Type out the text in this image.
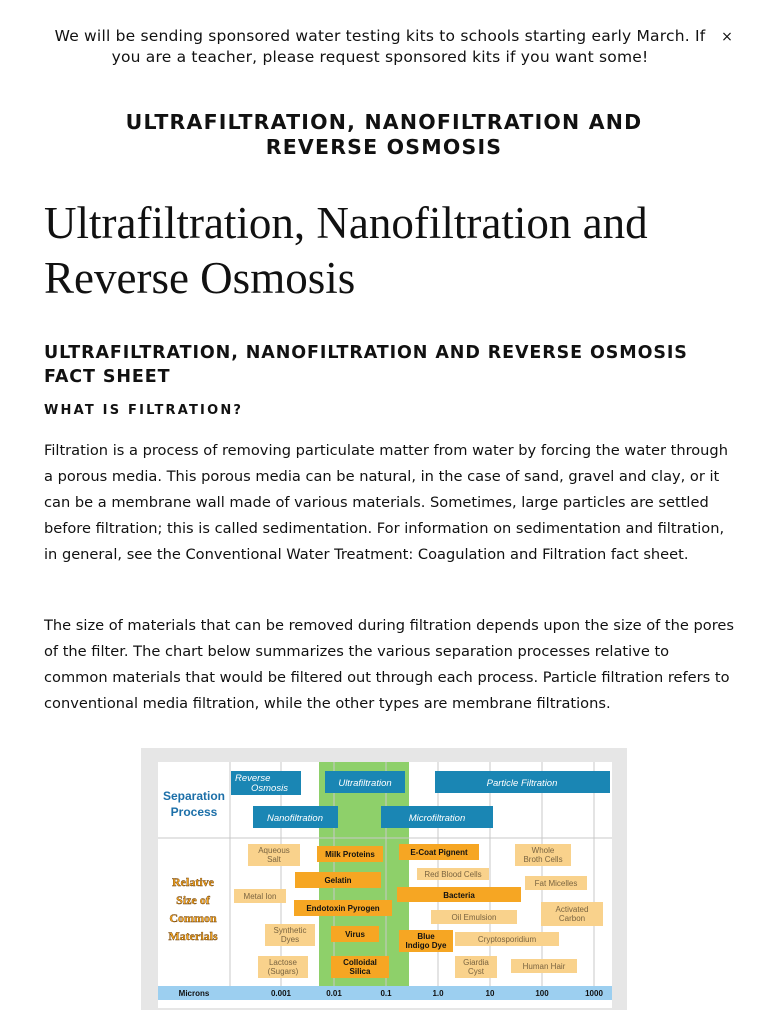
We will be sending sponsored water testing kits to schools starting early March. If you are a teacher, please request sponsored kits if you want some!
×
ULTRAFILTRATION, NANOFILTRATION AND REVERSE OSMOSIS
Ultrafiltration, Nanofiltration and Reverse Osmosis
ULTRAFILTRATION, NANOFILTRATION AND REVERSE OSMOSIS FACT SHEET
WHAT IS FILTRATION?

Filtration is a process of removing particulate matter from water by forcing the water through a porous media. This porous media can be natural, in the case of sand, gravel and clay, or it can be a membrane wall made of various materials. Sometimes, large particles are settled before filtration; this is called sedimentation. For information on sedimentation and filtration, in general, see the Conventional Water Treatment: Coagulation and Filtration fact sheet.

The size of materials that can be removed during filtration depends upon the size of the pores of the filter. The chart below summarizes the various separation processes relative to common materials that would be filtered out through each process. Particle filtration refers to conventional media filtration, while the other types are membrane filtrations.

Separation
Process
Relative
Size of
Common
Materials
Reverse
Osmosis	Ultrafiltration	Particle Filtration
Nanofiltration	Microfiltration
Aqueous
Salt
Whole
Broth Cells
Red Blood Cells
Fat Micelles
Metal Ion
Activated
Carbon
Oil Emulsion
Synthetic
Dyes	Cryptosporidium
Lactose
(Sugars)
Giardia
Cyst
Human Hair
Milk Proteins	E-Coat Pignent
Gelatin
Bacteria
Endotoxin Pyrogen
Virus	Blue
Indigo Dye
Colloidal
Silica
Microns	0.001	0.01	0.1	1.0	10	100	1000
